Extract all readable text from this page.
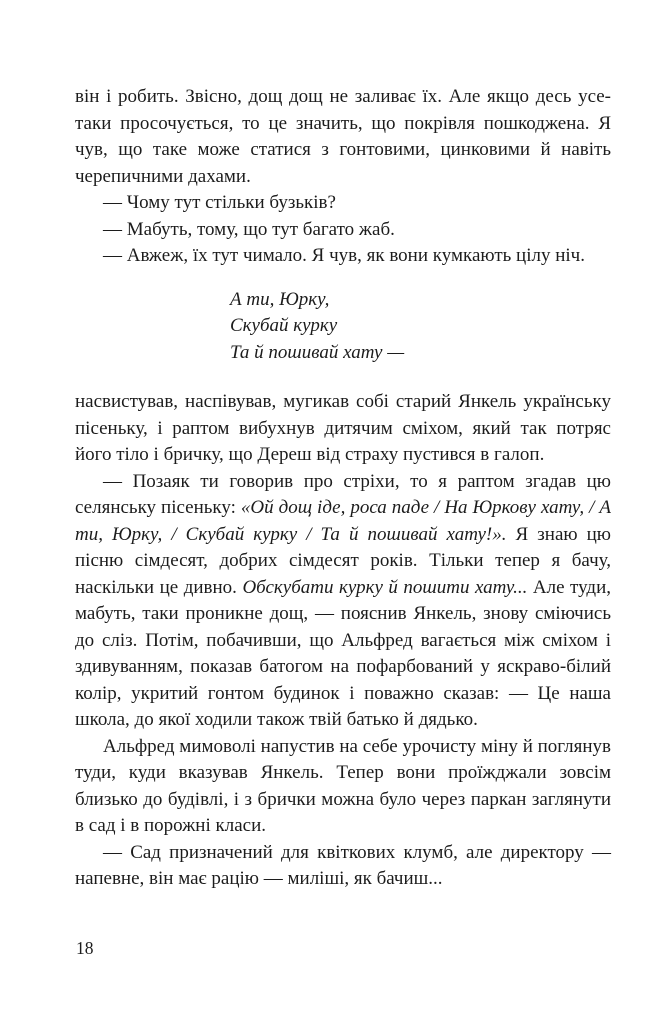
він і робить. Звісно, дощ дощ не заливає їх. Але якщо десь усе-таки просочується, то це значить, що покрівля пошкоджена. Я чув, що таке може статися з гонтовими, цинковими й навіть черепичними дахами.

— Чому тут стільки бузьків?

— Мабуть, тому, що тут багато жаб.

— Авжеж, їх тут чимало. Я чув, як вони кумкають цілу ніч.

А ти, Юрку,
Скубай курку
Та й пошивай хату —

насвистував, наспівував, мугикав собі старий Янкель українську пісеньку, і раптом вибухнув дитячим сміхом, який так потряс його тіло і бричку, що Дереш від страху пустився в галоп.

— Позаяк ти говорив про стріхи, то я раптом згадав цю селянську пісеньку: «Ой дощ іде, роса паде / На Юркову хату, / А ти, Юрку, / Скубай курку / Та й пошивай хату!». Я знаю цю пісню сімдесят, добрих сімдесят років. Тільки тепер я бачу, наскільки це дивно. Обскубати курку й пошити хату... Але туди, мабуть, таки проникне дощ, — пояснив Янкель, знову сміючись до сліз. Потім, побачивши, що Альфред вагається між сміхом і здивуванням, показав батогом на пофарбований у яскраво-білий колір, укритий гонтом будинок і поважно сказав: — Це наша школа, до якої ходили також твій батько й дядько.

Альфред мимоволі напустив на себе урочисту міну й поглянув туди, куди вказував Янкель. Тепер вони проїжджали зовсім близько до будівлі, і з брички можна було через паркан заглянути в сад і в порожні класи.

— Сад призначений для квіткових клумб, але директору — напевне, він має рацію — миліші, як бачиш...

18
